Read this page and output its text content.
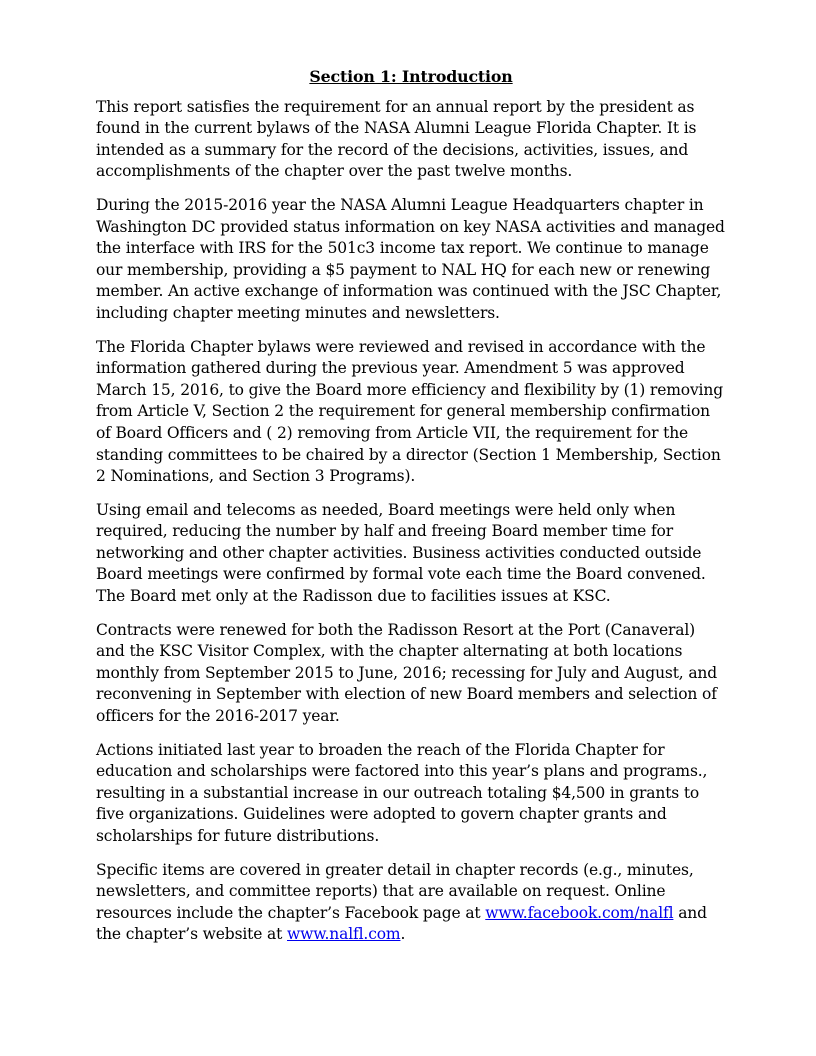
Section 1: Introduction

This report satisfies the requirement for an annual report by the president as found in the current bylaws of the NASA Alumni League Florida Chapter. It is intended as a summary for the record of the decisions, activities, issues, and accomplishments of the chapter over the past twelve months.

During the 2015-2016 year the NASA Alumni League Headquarters chapter in Washington DC provided status information on key NASA activities and managed the interface with IRS for the 501c3 income tax report. We continue to manage our membership, providing a $5 payment to NAL HQ for each new or renewing member. An active exchange of information was continued with the JSC Chapter, including chapter meeting minutes and newsletters.

The Florida Chapter bylaws were reviewed and revised in accordance with the information gathered during the previous year. Amendment 5 was approved March 15, 2016, to give the Board more efficiency and flexibility by (1) removing from Article V, Section 2 the requirement for general membership confirmation of Board Officers and ( 2) removing from Article VII, the requirement for the standing committees to be chaired by a director (Section 1 Membership, Section 2 Nominations, and Section 3 Programs).

Using email and telecoms as needed, Board meetings were held only when required, reducing the number by half and freeing Board member time for networking and other chapter activities. Business activities conducted outside Board meetings were confirmed by formal vote each time the Board convened. The Board met only at the Radisson due to facilities issues at KSC.

Contracts were renewed for both the Radisson Resort at the Port (Canaveral) and the KSC Visitor Complex, with the chapter alternating at both locations monthly from September 2015 to June, 2016; recessing for July and August, and reconvening in September with election of new Board members and selection of officers for the 2016-2017 year.

Actions initiated last year to broaden the reach of the Florida Chapter for education and scholarships were factored into this year’s plans and programs., resulting in a substantial increase in our outreach totaling $4,500 in grants to five organizations. Guidelines were adopted to govern chapter grants and scholarships for future distributions.

Specific items are covered in greater detail in chapter records (e.g., minutes, newsletters, and committee reports) that are available on request. Online resources include the chapter’s Facebook page at www.facebook.com/nalfl and the chapter’s website at www.nalfl.com.
